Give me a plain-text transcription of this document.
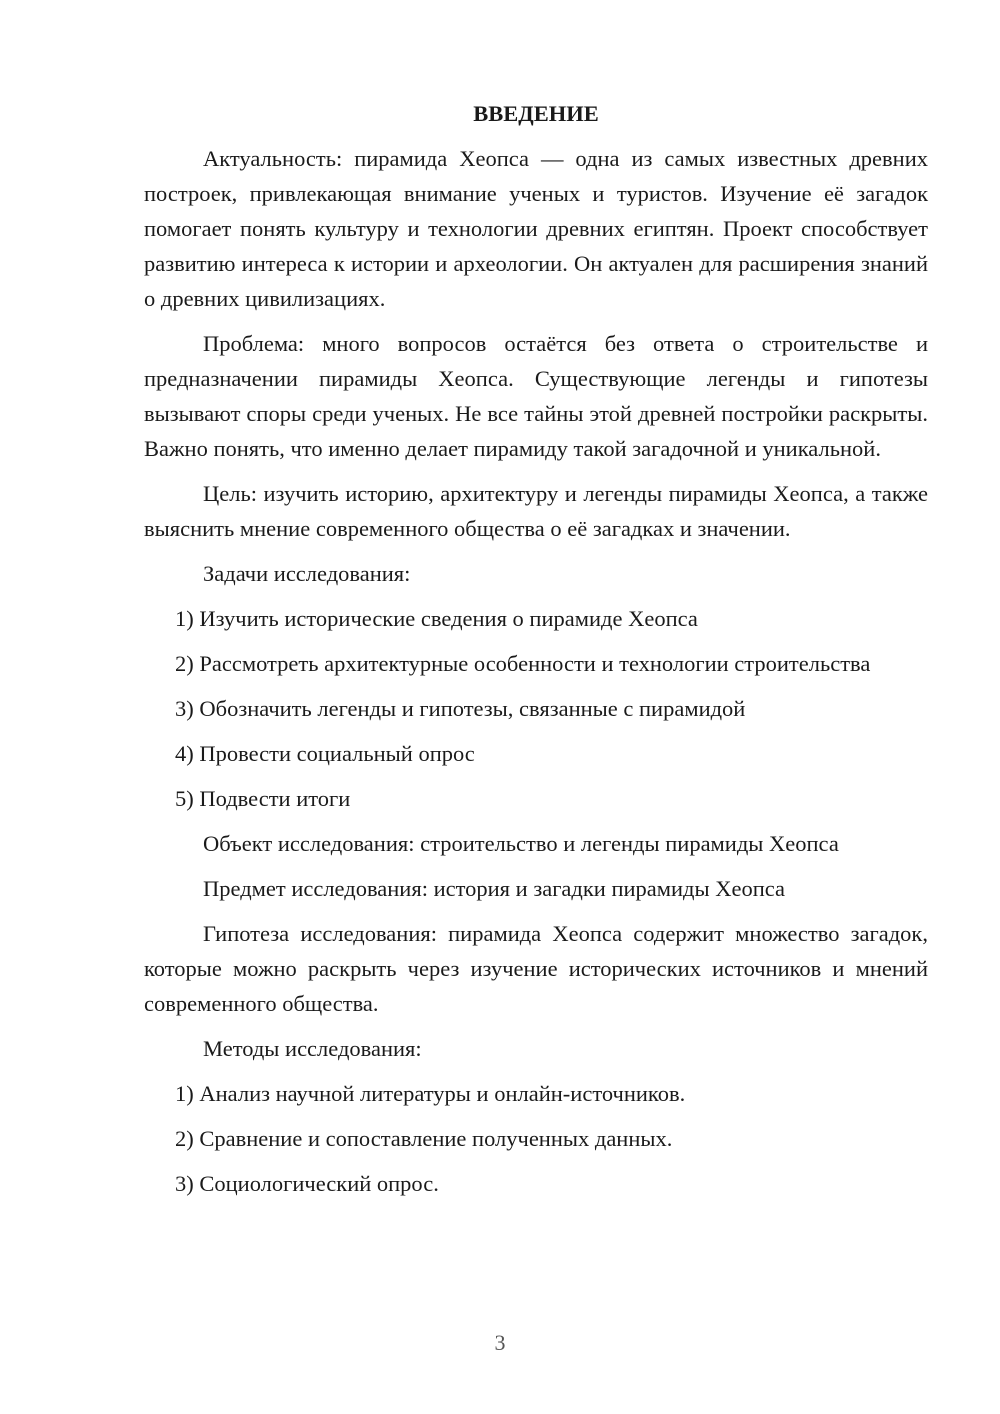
ВВЕДЕНИЕ

Актуальность: пирамида Хеопса — одна из самых известных древних построек, привлекающая внимание ученых и туристов. Изучение её загадок помогает понять культуру и технологии древних египтян. Проект способствует развитию интереса к истории и археологии. Он актуален для расширения знаний о древних цивилизациях.

Проблема: много вопросов остаётся без ответа о строительстве и предназначении пирамиды Хеопса. Существующие легенды и гипотезы вызывают споры среди ученых. Не все тайны этой древней постройки раскрыты. Важно понять, что именно делает пирамиду такой загадочной и уникальной.

Цель: изучить историю, архитектуру и легенды пирамиды Хеопса, а также выяснить мнение современного общества о её загадках и значении.

Задачи исследования:

1) Изучить исторические сведения о пирамиде Хеопса

2) Рассмотреть архитектурные особенности и технологии строительства

3) Обозначить легенды и гипотезы, связанные с пирамидой

4) Провести социальный опрос

5) Подвести итоги

Объект исследования: строительство и легенды пирамиды Хеопса

Предмет исследования: история и загадки пирамиды Хеопса

Гипотеза исследования: пирамида Хеопса содержит множество загадок, которые можно раскрыть через изучение исторических источников и мнений современного общества.

Методы исследования:

1) Анализ научной литературы и онлайн-источников.

2) Сравнение и сопоставление полученных данных.

3) Социологический опрос.

3
